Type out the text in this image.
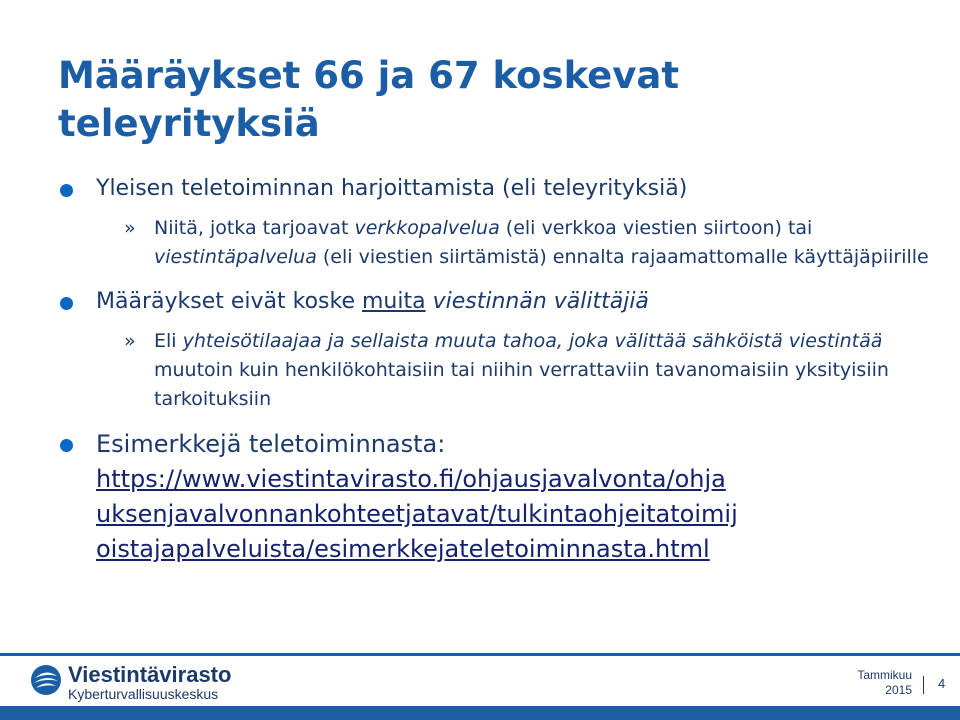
Määräykset 66 ja 67 koskevat teleyrityksiä
Yleisen teletoiminnan harjoittamista (eli teleyrityksiä)
» Niitä, jotka tarjoavat verkkopalvelua (eli verkkoa viestien siirtoon) tai viestintäpalvelua (eli viestien siirtämistä) ennalta rajaamattomalle käyttäjäpiirille
Määräykset eivät koske muita viestinnän välittäjiä
» Eli yhteisötilaajaa ja sellaista muuta tahoa, joka välittää sähköistä viestintää muutoin kuin henkilökohtaisiin tai niihin verrattaviin tavanomaisiin yksityisiin tarkoituksiin
Esimerkkejä teletoiminnasta:
https://www.viestintavirasto.fi/ohjausjavalvonta/ohja
uksenjavalvonnankohteetjatavat/tulkintaohjeitatoimij
oistajapalveluista/esimerkkejateletoiminnasta.html
Viestintävirasto
Kyberturvallisuuskeskus
Tammikuu
2015 4
